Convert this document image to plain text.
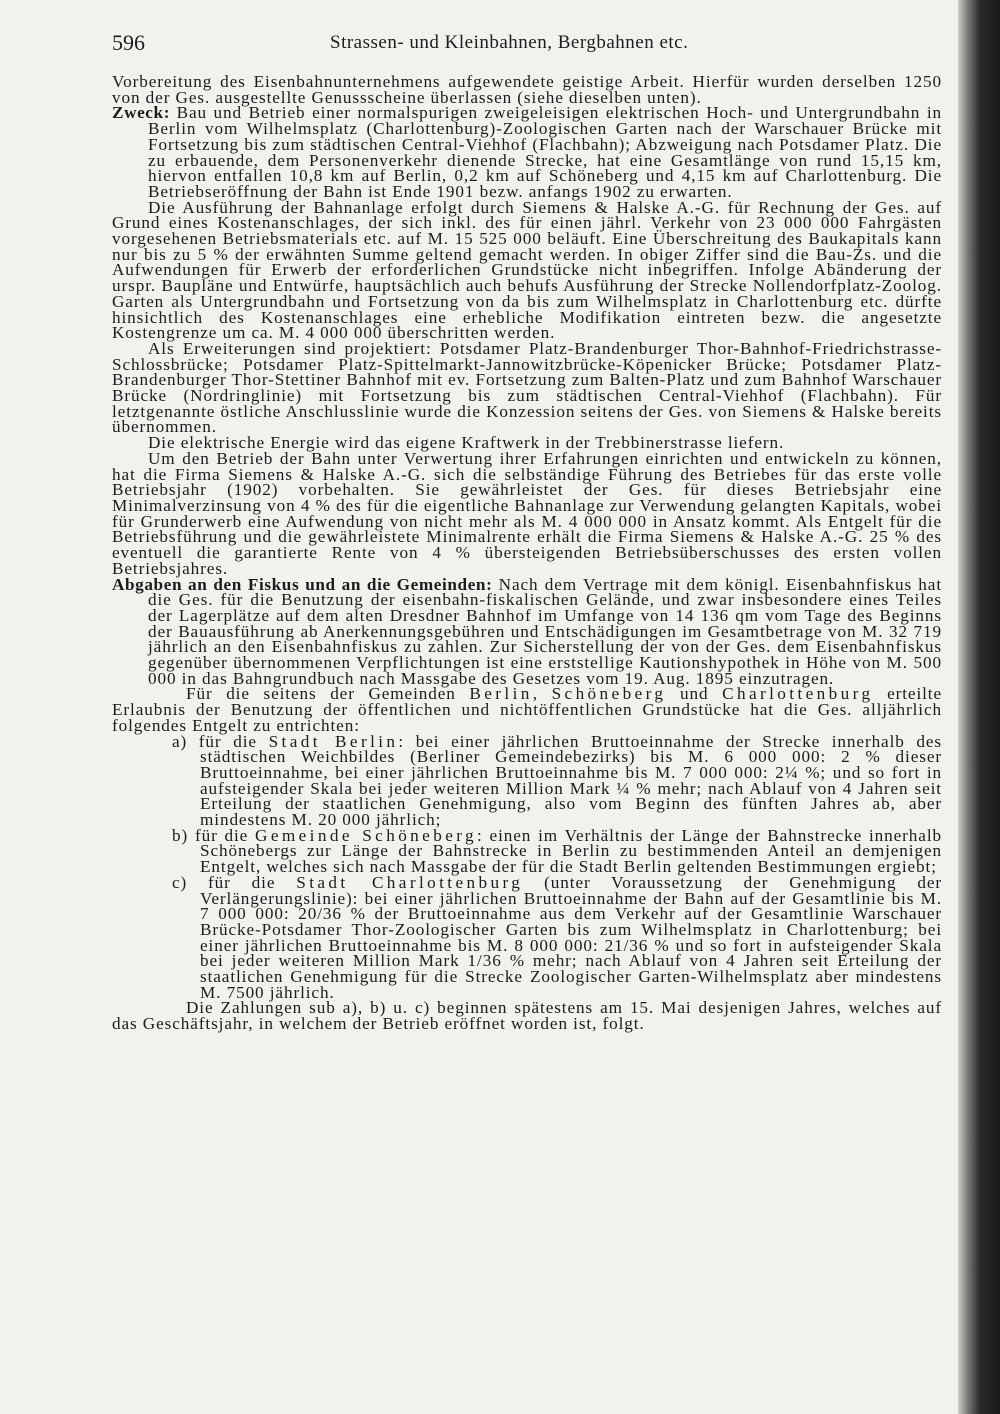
596	Strassen- und Kleinbahnen, Bergbahnen etc.

Vorbereitung des Eisenbahnunternehmens aufgewendete geistige Arbeit. Hierfür wurden derselben 1250 von der Ges. ausgestellte Genussscheine überlassen (siehe dieselben unten).

Zweck: Bau und Betrieb einer normalspurigen zweigeleisigen elektrischen Hoch- und Untergrundbahn in Berlin vom Wilhelmsplatz (Charlottenburg)-Zoologischen Garten nach der Warschauer Brücke mit Fortsetzung bis zum städtischen Central-Viehhof (Flachbahn); Abzweigung nach Potsdamer Platz. Die zu erbauende, dem Personenverkehr dienende Strecke, hat eine Gesamtlänge von rund 15,15 km, hiervon entfallen 10,8 km auf Berlin, 0,2 km auf Schöneberg und 4,15 km auf Charlottenburg. Die Betriebseröffnung der Bahn ist Ende 1901 bezw. anfangs 1902 zu erwarten.

Die Ausführung der Bahnanlage erfolgt durch Siemens & Halske A.-G. für Rechnung der Ges. auf Grund eines Kostenanschlages, der sich inkl. des für einen jährl. Verkehr von 23 000 000 Fahrgästen vorgesehenen Betriebsmaterials etc. auf M. 15 525 000 beläuft. Eine Überschreitung des Baukapitals kann nur bis zu 5 % der erwähnten Summe geltend gemacht werden. In obiger Ziffer sind die Bau-Zs. und die Aufwendungen für Erwerb der erforderlichen Grundstücke nicht inbegriffen. Infolge Abänderung der urspr. Baupläne und Entwürfe, hauptsächlich auch behufs Ausführung der Strecke Nollendorfplatz-Zoolog. Garten als Untergrundbahn und Fortsetzung von da bis zum Wilhelmsplatz in Charlottenburg etc. dürfte hinsichtlich des Kostenanschlages eine erhebliche Modifikation eintreten bezw. die angesetzte Kostengrenze um ca. M. 4 000 000 überschritten werden.

Als Erweiterungen sind projektiert: Potsdamer Platz-Brandenburger Thor-Bahnhof-Friedrichstrasse-Schlossbrücke; Potsdamer Platz-Spittelmarkt-Jannowitzbrücke-Köpenicker Brücke; Potsdamer Platz-Brandenburger Thor-Stettiner Bahnhof mit ev. Fortsetzung zum Balten-Platz und zum Bahnhof Warschauer Brücke (Nordringlinie) mit Fortsetzung bis zum städtischen Central-Viehhof (Flachbahn). Für letztgenannte östliche Anschlusslinie wurde die Konzession seitens der Ges. von Siemens & Halske bereits übernommen.

Die elektrische Energie wird das eigene Kraftwerk in der Trebbinerstrasse liefern.

Um den Betrieb der Bahn unter Verwertung ihrer Erfahrungen einrichten und entwickeln zu können, hat die Firma Siemens & Halske A.-G. sich die selbständige Führung des Betriebes für das erste volle Betriebsjahr (1902) vorbehalten. Sie gewährleistet der Ges. für dieses Betriebsjahr eine Minimalverzinsung von 4 % des für die eigentliche Bahnanlage zur Verwendung gelangten Kapitals, wobei für Grunderwerb eine Aufwendung von nicht mehr als M. 4 000 000 in Ansatz kommt. Als Entgelt für die Betriebsführung und die gewährleistete Minimalrente erhält die Firma Siemens & Halske A.-G. 25 % des eventuell die garantierte Rente von 4 % übersteigenden Betriebsüberschusses des ersten vollen Betriebsjahres.

Abgaben an den Fiskus und an die Gemeinden: Nach dem Vertrage mit dem königl. Eisenbahnfiskus hat die Ges. für die Benutzung der eisenbahn-fiskalischen Gelände, und zwar insbesondere eines Teiles der Lagerplätze auf dem alten Dresdner Bahnhof im Umfange von 14 136 qm vom Tage des Beginns der Bauausführung ab Anerkennungsgebühren und Entschädigungen im Gesamtbetrage von M. 32 719 jährlich an den Eisenbahnfiskus zu zahlen. Zur Sicherstellung der von der Ges. dem Eisenbahnfiskus gegenüber übernommenen Verpflichtungen ist eine erststellige Kautionshypothek in Höhe von M. 500 000 in das Bahngrundbuch nach Massgabe des Gesetzes vom 19. Aug. 1895 einzutragen.

Für die seitens der Gemeinden Berlin, Schöneberg und Charlottenburg erteilte Erlaubnis der Benutzung der öffentlichen und nichtöffentlichen Grundstücke hat die Ges. alljährlich folgendes Entgelt zu entrichten:

a) für die Stadt Berlin: bei einer jährlichen Bruttoeinnahme der Strecke innerhalb des städtischen Weichbildes (Berliner Gemeindebezirks) bis M. 6 000 000: 2 % dieser Bruttoeinnahme, bei einer jährlichen Bruttoeinnahme bis M. 7 000 000: 2¼ %; und so fort in aufsteigender Skala bei jeder weiteren Million Mark ¼ % mehr; nach Ablauf von 4 Jahren seit Erteilung der staatlichen Genehmigung, also vom Beginn des fünften Jahres ab, aber mindestens M. 20 000 jährlich;

b) für die Gemeinde Schöneberg: einen im Verhältnis der Länge der Bahnstrecke innerhalb Schönebergs zur Länge der Bahnstrecke in Berlin zu bestimmenden Anteil an demjenigen Entgelt, welches sich nach Massgabe der für die Stadt Berlin geltenden Bestimmungen ergiebt;

c) für die Stadt Charlottenburg (unter Voraussetzung der Genehmigung der Verlängerungslinie): bei einer jährlichen Bruttoeinnahme der Bahn auf der Gesamtlinie bis M. 7 000 000: 20/36 % der Bruttoeinnahme aus dem Verkehr auf der Gesamtlinie Warschauer Brücke-Potsdamer Thor-Zoologischer Garten bis zum Wilhelmsplatz in Charlottenburg; bei einer jährlichen Bruttoeinnahme bis M. 8 000 000: 21/36 % und so fort in aufsteigender Skala bei jeder weiteren Million Mark 1/36 % mehr; nach Ablauf von 4 Jahren seit Erteilung der staatlichen Genehmigung für die Strecke Zoologischer Garten-Wilhelmsplatz aber mindestens M. 7500 jährlich.

Die Zahlungen sub a), b) u. c) beginnen spätestens am 15. Mai desjenigen Jahres, welches auf das Geschäftsjahr, in welchem der Betrieb eröffnet worden ist, folgt.
